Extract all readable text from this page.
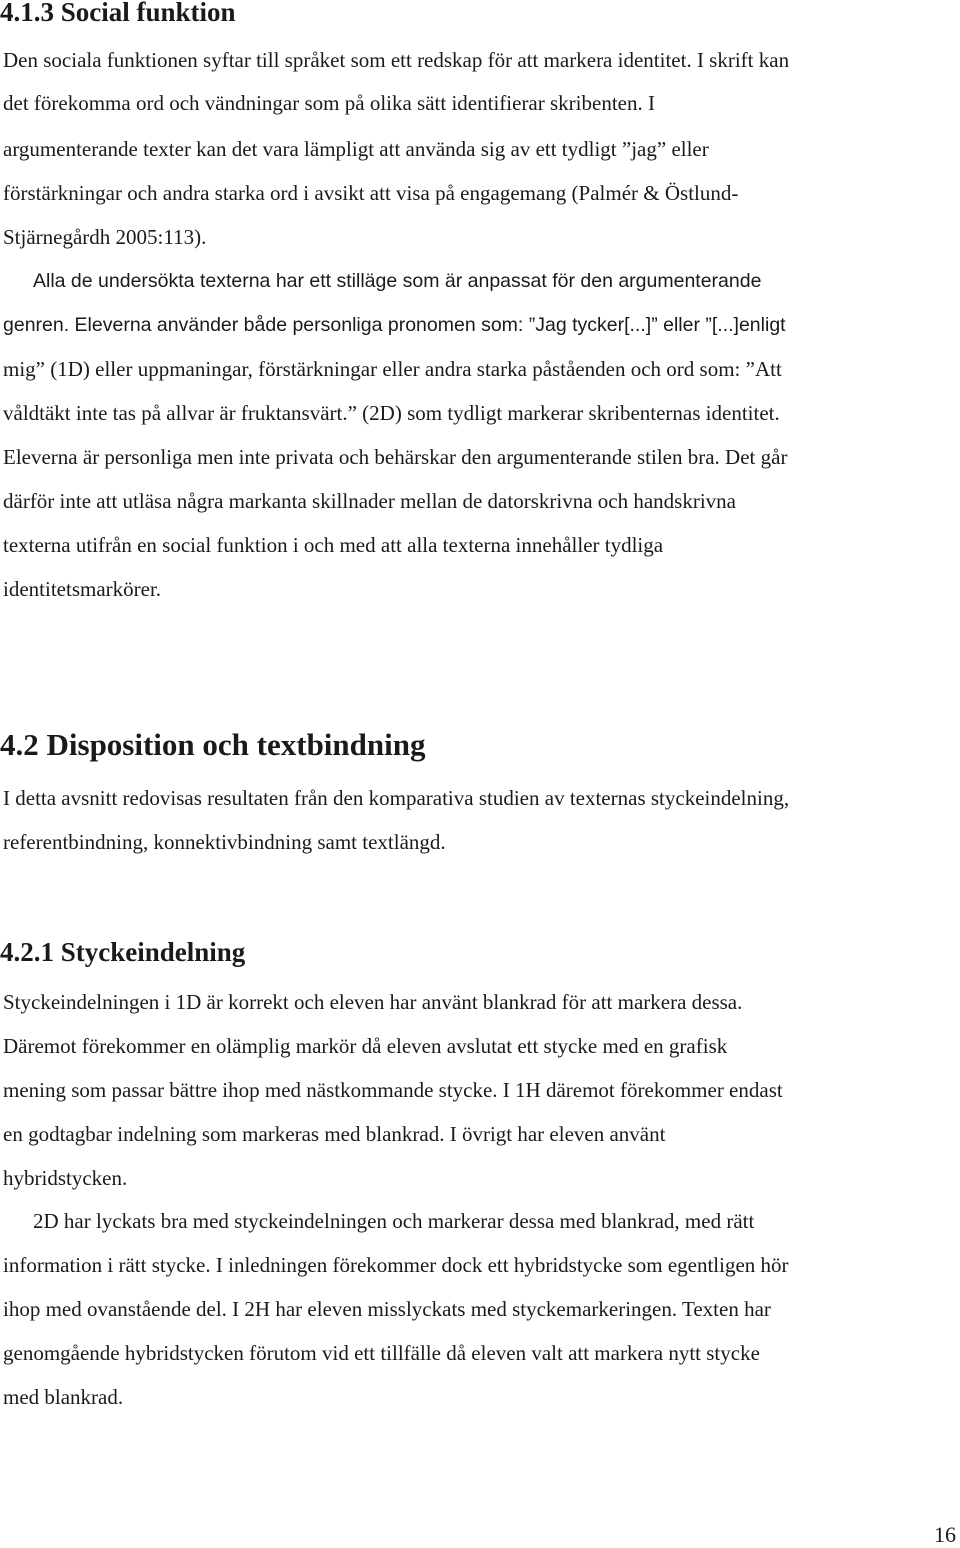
4.1.3 Social funktion

Den sociala funktionen syftar till språket som ett redskap för att markera identitet. I skrift kan

det förekomma ord och vändningar som på olika sätt identifierar skribenten. I

argumenterande texter kan det vara lämpligt att använda sig av ett tydligt ”jag” eller

förstärkningar och andra starka ord i avsikt att visa på engagemang (Palmér & Östlund-

Stjärnegårdh 2005:113).

Alla de undersökta texterna har ett stilläge som är anpassat för den argumenterande

genren. Eleverna använder både personliga pronomen som: ”Jag tycker[...]” eller ”[...]enligt

mig” (1D) eller uppmaningar, förstärkningar eller andra starka påståenden och ord som: ”Att

våldtäkt inte tas på allvar är fruktansvärt.” (2D) som tydligt markerar skribenternas identitet.

Eleverna är personliga men inte privata och behärskar den argumenterande stilen bra. Det går

därför inte att utläsa några markanta skillnader mellan de datorskrivna och handskrivna

texterna utifrån en social funktion i och med att alla texterna innehåller tydliga

identitetsmarkörer.

4.2 Disposition och textbindning

I detta avsnitt redovisas resultaten från den komparativa studien av texternas styckeindelning,

referentbindning, konnektivbindning samt textlängd.

4.2.1 Styckeindelning

Styckeindelningen i 1D är korrekt och eleven har använt blankrad för att markera dessa.

Däremot förekommer en olämplig markör då eleven avslutat ett stycke med en grafisk

mening som passar bättre ihop med nästkommande stycke. I 1H däremot förekommer endast

en godtagbar indelning som markeras med blankrad. I övrigt har eleven använt

hybridstycken.

2D har lyckats bra med styckeindelningen och markerar dessa med blankrad, med rätt

information i rätt stycke. I inledningen förekommer dock ett hybridstycke som egentligen hör

ihop med ovanstående del. I 2H har eleven misslyckats med styckemarkeringen. Texten har

genomgående hybridstycken förutom vid ett tillfälle då eleven valt att markera nytt stycke

med blankrad.

16
